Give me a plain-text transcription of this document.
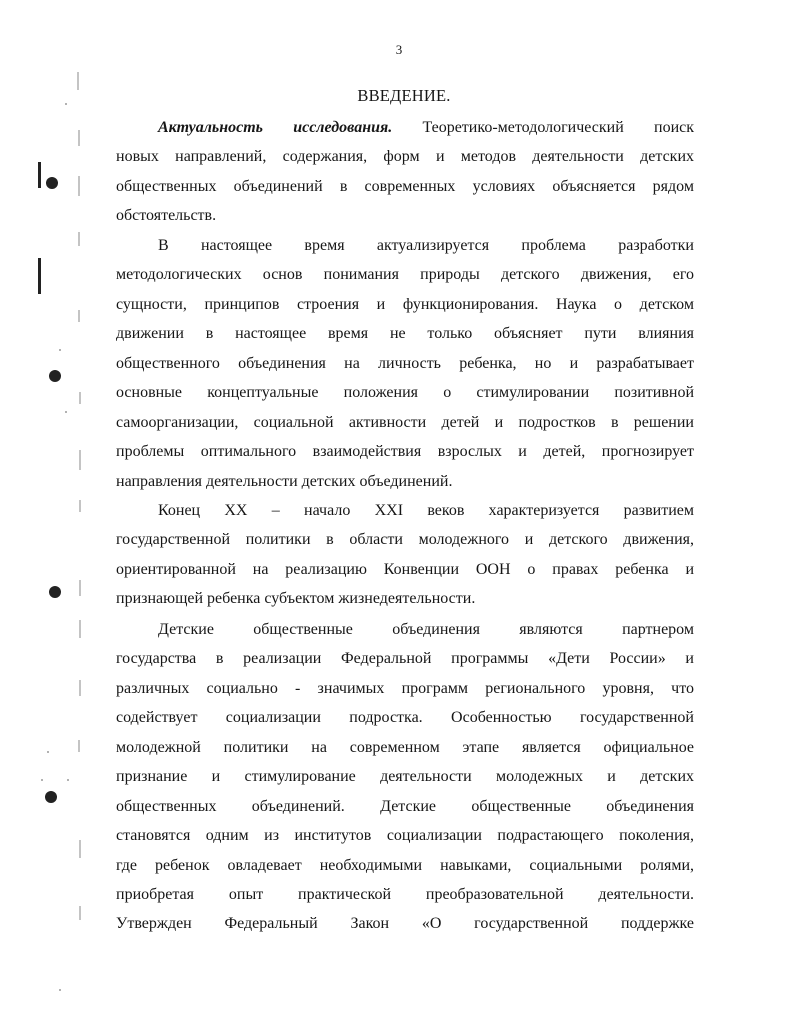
3
ВВЕДЕНИЕ.
Актуальность исследования. Теоретико-методологический поиск
новых направлений, содержания, форм и методов деятельности детских
общественных объединений в современных условиях объясняется рядом
обстоятельств.
В настоящее время актуализируется проблема разработки
методологических основ понимания природы детского движения, его
сущности, принципов строения и функционирования. Наука о детском
движении в настоящее время не только объясняет пути влияния
общественного объединения на личность ребенка, но и разрабатывает
основные концептуальные положения о стимулировании позитивной
самоорганизации, социальной активности детей и подростков в решении
проблемы оптимального взаимодействия взрослых и детей, прогнозирует
направления деятельности детских объединений.
Конец XX – начало XXI веков характеризуется развитием
государственной политики в области молодежного и детского движения,
ориентированной на реализацию Конвенции ООН о правах ребенка и
признающей ребенка субъектом жизнедеятельности.
Детские общественные объединения являются партнером
государства в реализации Федеральной программы «Дети России» и
различных социально - значимых программ регионального уровня, что
содействует социализации подростка. Особенностью государственной
молодежной политики на современном этапе является официальное
признание и стимулирование деятельности молодежных и детских
общественных объединений. Детские общественные объединения
становятся одним из институтов социализации подрастающего поколения,
где ребенок овладевает необходимыми навыками, социальными ролями,
приобретая опыт практической преобразовательной деятельности.
Утвержден Федеральный Закон «О государственной поддержке
